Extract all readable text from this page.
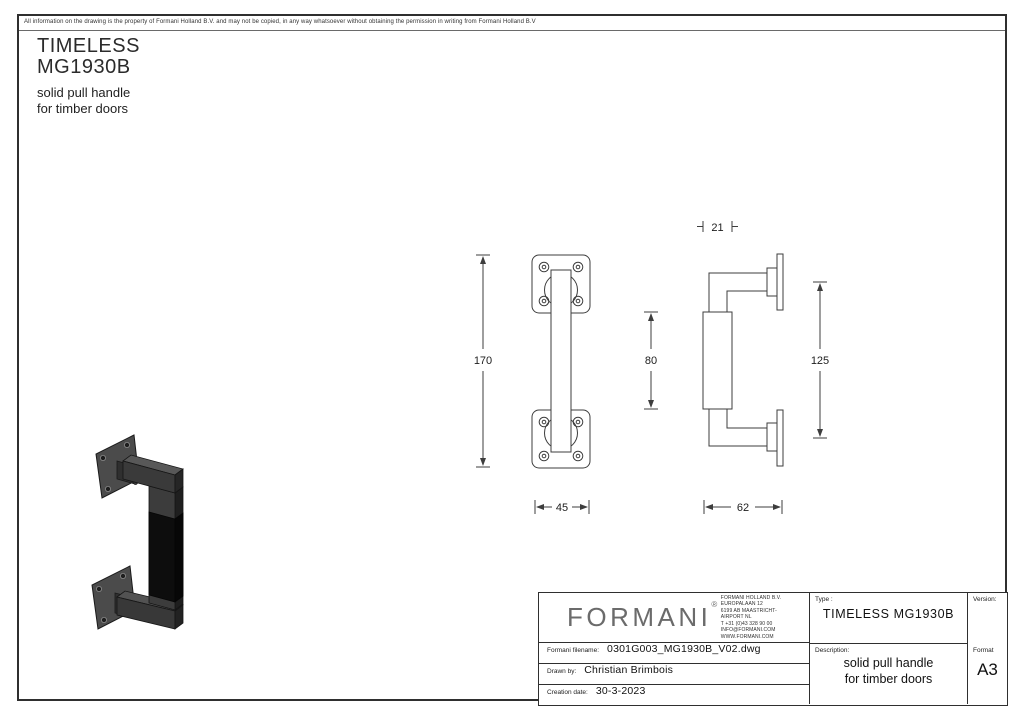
All information on the drawing is the property of Formani Holland B.V. and may not be copied, in any way whatsoever without obtaining the permission in writing from Formani Holland B.V
TIMELESS
MG1930B
solid pull handle
for timber doors
170	80
45
21
125
62
FORMANI®
FORMANI HOLLAND B.V.
EUROPALAAN 12
6199 AB MAASTRICHT-AIRPORT NL
T +31 (0)43 328 90 00
INFO@FORMANI.COM
WWW.FORMANI.COM
Formani filename: 0301G003_MG1930B_V02.dwg
Drawn by: Christian Brimbois
Creation date: 30-3-2023
Type :
TIMELESS MG1930B
Version:
Description:
solid pull handle
for timber doors
Format
A3
